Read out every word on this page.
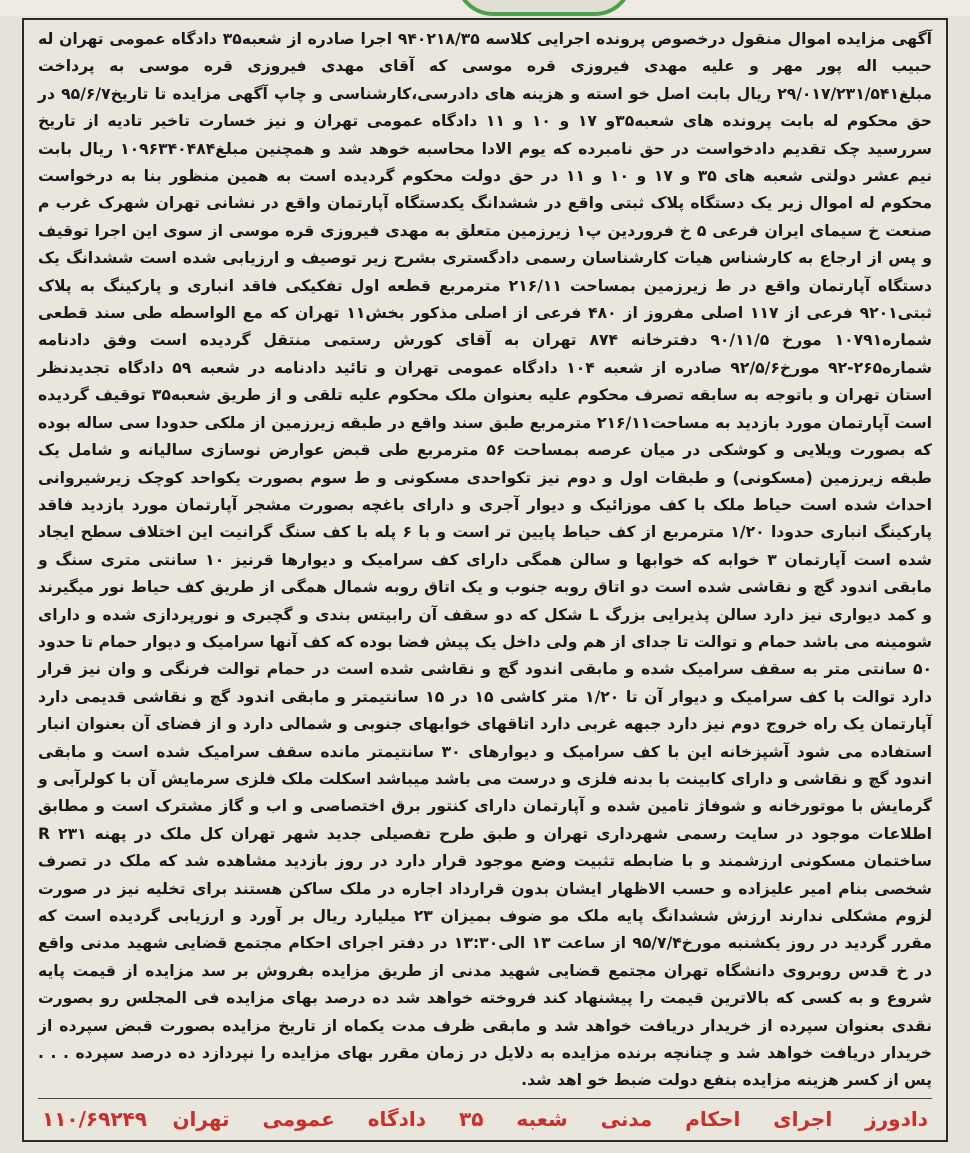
آگهی مزایده اموال منقول درخصوص پرونده اجرایی کلاسه ۹۴۰۲۱۸/۳۵ اجرا صادره از شعبه۳۵ دادگاه عمومی تهران له حبیب اله پور مهر و علیه مهدی فیروزی قره موسی که آقای مهدی فیروزی قره موسی به پرداخت مبلغ۲۹/۰۱۷/۲۳۱/۵۴۱ ریال بابت اصل خو استه و هزینه های دادرسی،کارشناسی و چاپ آگهی مزایده تا تاریخ۹۵/۶/۷ در حق محکوم له بابت پرونده های شعبه۳۵و ۱۷ و ۱۰ و ۱۱ دادگاه عمومی تهران و نیز خسارت تاخیر تادیه از تاریخ سررسید چک تقدیم دادخواست در حق نامبرده که یوم الادا محاسبه خوهد شد و همچنین مبلغ۱۰۹۶۳۴۰۴۸۴ ریال بابت نیم عشر دولتی شعبه های ۳۵ و ۱۷ و ۱۰ و ۱۱ در حق دولت محکوم گردیده است به همین منظور بنا به درخواست محکوم له اموال زیر یک دستگاه پلاک ثبتی واقع در ششدانگ یکدستگاه آپارتمان واقع در نشانی تهران شهرک غرب م صنعت خ سیمای ایران فرعی ۵ خ فروردین پ۱ زیرزمین متعلق به مهدی فیروزی قره موسی از سوی این اجرا توقیف و پس از ارجاع به کارشناس هیات کارشناسان رسمی دادگستری بشرح زیر توصیف و ارزیابی شده است ششدانگ یک دستگاه آپارتمان واقع در ط زیرزمین بمساحت ۲۱۶/۱۱ مترمربع قطعه اول تفکیکی فاقد انباری و پارکینگ به پلاک ثبتی۹۲۰۱ فرعی از ۱۱۷ اصلی مفروز از ۴۸۰ فرعی از اصلی مذکور بخش۱۱ تهران که مع الواسطه طی سند قطعی شماره۱۰۷۹۱ مورخ ۹۰/۱۱/۵ دفترخانه ۸۷۴ تهران به آقای کورش رستمی منتقل گردیده است وفق دادنامه شماره۲۶۵-۹۲ مورخ۹۲/۵/۶ صادره از شعبه ۱۰۴ دادگاه عمومی تهران و تائید دادنامه در شعبه ۵۹ دادگاه تجدیدنظر استان تهران و باتوجه به سابقه تصرف محکوم علیه بعنوان ملک محکوم علیه تلقی و از طریق شعبه۳۵ توقیف گردیده است آپارتمان مورد بازدید به مساحت۲۱۶/۱۱ مترمربع طبق سند واقع در طبقه زیرزمین از ملکی حدودا سی ساله بوده که بصورت ویلایی و کوشکی در میان عرصه بمساحت ۵۶ مترمربع طی قبض عوارض نوسازی سالیانه و شامل یک طبقه زیرزمین (مسکونی) و طبقات اول و دوم نیز تکواحدی مسکونی و ط سوم بصورت یکواحد کوچک زیرشیروانی احداث شده است حیاط ملک با کف موزائیک و دیوار آجری و دارای باغچه بصورت مشجر آپارتمان مورد بازدید فاقد پارکینگ انباری حدودا ۱/۲۰ مترمربع از کف حیاط پایین تر است و با ۶ پله با کف سنگ گرانیت این اختلاف سطح ایجاد شده است آپارتمان ۳ خوابه که خوابها و سالن همگی دارای کف سرامیک و دیوارها قرنیز ۱۰ سانتی متری سنگ و مابقی اندود گچ و نقاشی شده است دو اتاق روبه جنوب و یک اتاق روبه شمال همگی از طریق کف حیاط نور میگیرند و کمد دیواری نیز دارد سالن پذیرایی بزرگ L شکل که دو سقف آن رابیتس بندی و گچبری و نورپردازی شده و دارای شومینه می باشد حمام و توالت تا جدای از هم ولی داخل یک پیش فضا بوده که کف آنها سرامیک و دیوار حمام تا حدود ۵۰ سانتی متر به سقف سرامیک شده و مابقی اندود گچ و نقاشی شده است در حمام توالت فرنگی و وان نیز قرار دارد توالت با کف سرامیک و دیوار آن تا ۱/۲۰ متر کاشی ۱۵ در ۱۵ سانتیمتر و مابقی اندود گچ و نقاشی قدیمی دارد آپارتمان یک راه خروج دوم نیز دارد جبهه غربی دارد اتاقهای خوابهای جنوبی و شمالی دارد و از فضای آن بعنوان انبار استفاده می شود آشپزخانه این با کف سرامیک و دیوارهای ۳۰ سانتیمتر مانده سقف سرامیک شده است و مابقی اندود گچ و نقاشی و دارای کابینت با بدنه فلزی و درست می باشد میباشد اسکلت ملک فلزی سرمایش آن با کولرآبی و گرمایش با موتورخانه و شوفاژ تامین شده و آپارتمان دارای کنتور برق اختصاصی و اب و گاز مشترک است و مطابق اطلاعات موجود در سایت رسمی شهرداری تهران و طبق طرح تفصیلی جدید شهر تهران کل ملک در پهنه R ۲۳۱ ساختمان مسکونی ارزشمند و با ضابطه تثبیت وضع موجود قرار دارد در روز بازدید مشاهده شد که ملک در تصرف شخصی بنام امیر علیزاده و حسب الاظهار ایشان بدون قرارداد اجاره در ملک ساکن هستند برای تخلیه نیز در صورت لزوم مشکلی ندارند ارزش ششدانگ پایه ملک مو ضوف بمیزان ۲۳ میلیارد ریال بر آورد و ارزیابی گردیده است که مقرر گردید در روز یکشنبه مورخ۹۵/۷/۴ از ساعت ۱۳ الی۱۳:۳۰ در دفتر اجرای احکام مجتمع قضایی شهید مدنی واقع در خ قدس روبروی دانشگاه تهران مجتمع قضایی شهید مدنی از طریق مزایده بفروش بر سد مزایده از قیمت پایه شروع و به کسی که بالاترین قیمت را پیشنهاد کند فروخته خواهد شد ده درصد بهای مزایده فی المجلس رو بصورت نقدی بعنوان سپرده از خریدار دریافت خواهد شد و مابقی ظرف مدت یکماه از تاریخ مزایده بصورت قبض سپرده از خریدار دریافت خواهد شد و چنانچه برنده مزایده به دلایل در زمان مقرر بهای مزایده را نپردازد ده درصد سپرده . . . پس از کسر هزینه مزایده بنفع دولت ضبط خو اهد شد.

دادورز اجرای احکام مدنی شعبه ۳۵ دادگاه عمومی تهران
۱۱۰/۶۹۲۴۹
